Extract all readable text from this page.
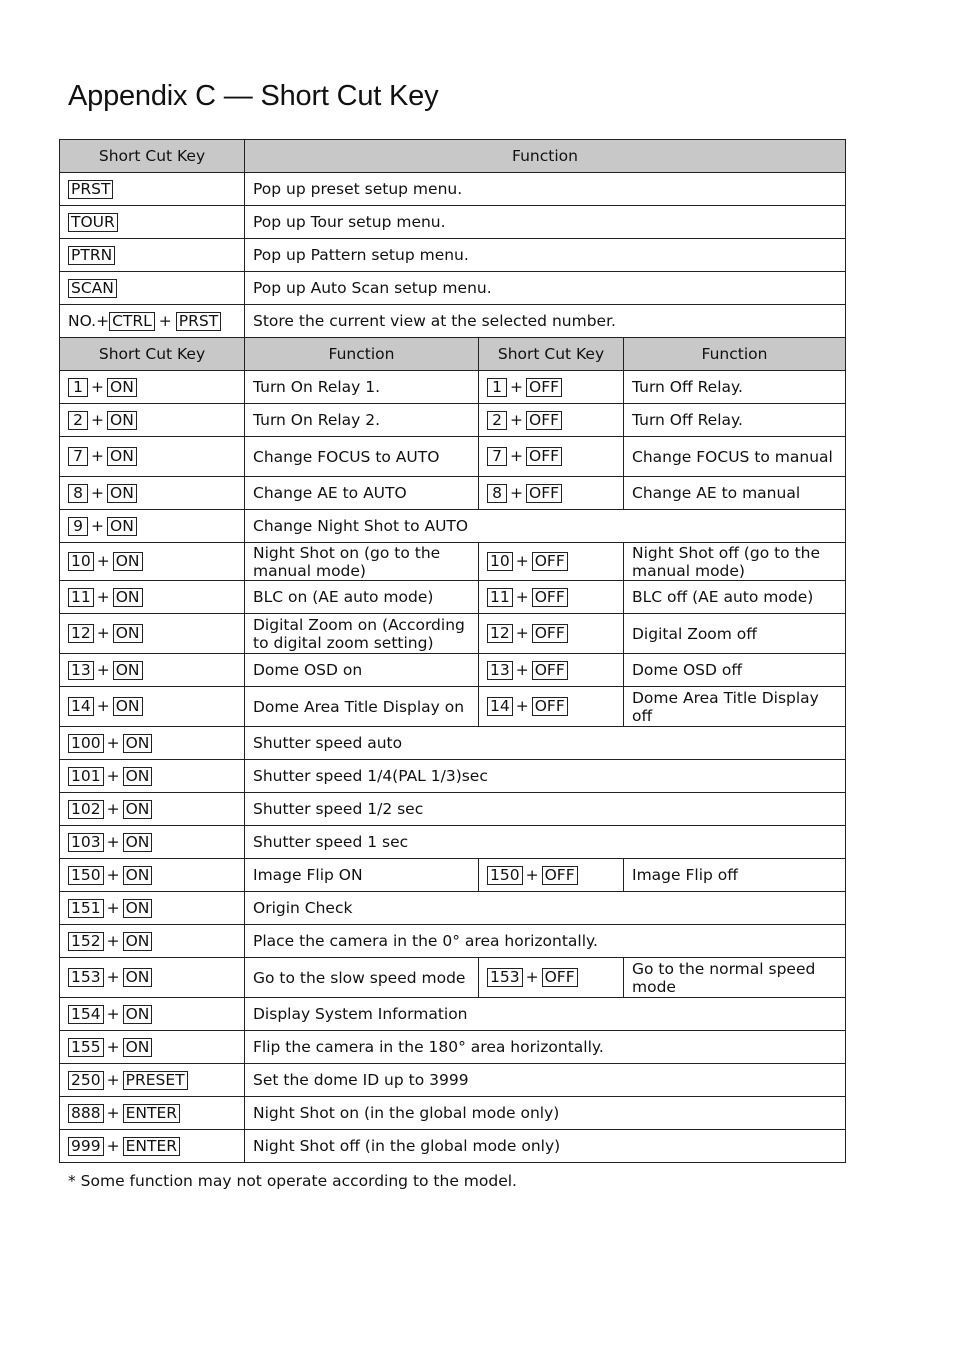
Appendix C — Short Cut Key
Short Cut Key	Function		
PRST	Pop up preset setup menu.		
TOUR	Pop up Tour setup menu.		
PTRN	Pop up Pattern setup menu.		
SCAN	Pop up Auto Scan setup menu.		
NO.+ CTRL + PRST	Store the current view at the selected number.		
Short Cut Key	Function	Short Cut Key	Function
1 + ON	Turn On Relay 1.	1 + OFF	Turn Off Relay.
2 + ON	Turn On Relay 2.	2 + OFF	Turn Off Relay.
7 + ON	Change FOCUS to AUTO	7 + OFF	Change FOCUS to manual
8 + ON	Change AE to AUTO	8 + OFF	Change AE to manual
9 + ON	Change Night Shot to AUTO		
10 + ON	Night Shot on (go to the manual mode)	10 + OFF	Night Shot off (go to the manual mode)
11 + ON	BLC on (AE auto mode)	11 + OFF	BLC off (AE auto mode)
12 + ON	Digital Zoom on (According to digital zoom setting)	12 + OFF	Digital Zoom off
13 + ON	Dome OSD on	13 + OFF	Dome OSD off
14 + ON	Dome Area Title Display on	14 + OFF	Dome Area Title Display off
100 + ON	Shutter speed auto		
101 + ON	Shutter speed 1/4(PAL 1/3)sec		
102 + ON	Shutter speed 1/2 sec		
103 + ON	Shutter speed 1 sec		
150 + ON	Image Flip ON	150 + OFF	Image Flip off
151 + ON	Origin Check		
152 + ON	Place the camera in the 0° area horizontally.		
153 + ON	Go to the slow speed mode	153 + OFF	Go to the normal speed mode
154 + ON	Display System Information		
155 + ON	Flip the camera in the 180° area horizontally.		
250 + PRESET	Set the dome ID up to 3999		
888 + ENTER	Night Shot on (in the global mode only)		
999 + ENTER	Night Shot off (in the global mode only)		

* Some function may not operate according to the model.
